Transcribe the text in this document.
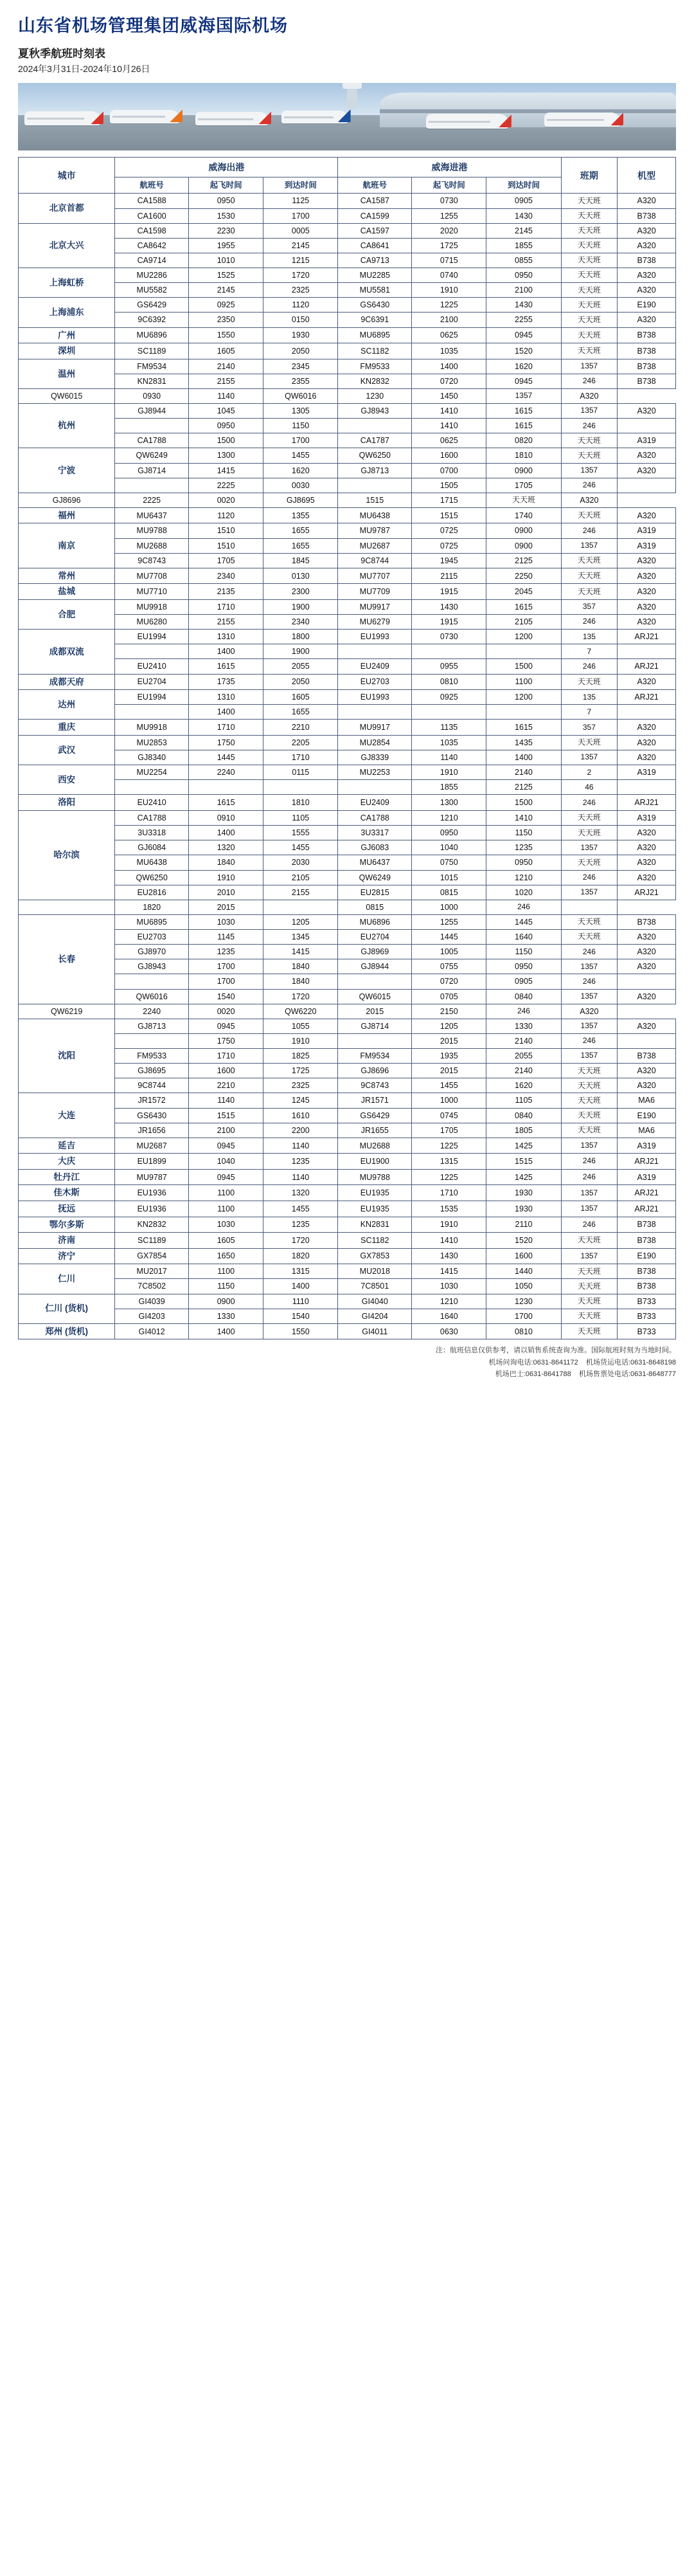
山东省机场管理集团威海国际机场
夏秋季航班时刻表
2024年3月31日-2024年10月26日
城市	威海出港			威海进港			班期	机型
	航班号	起飞时间	到达时间	航班号	起飞时间	到达时间		
北京首都	CA1588	0950	1125	CA1587	0730	0905	天天班	A320
	CA1600	1530	1700	CA1599	1255	1430	天天班	B738
北京大兴	CA1598	2230	0005	CA1597	2020	2145	天天班	A320
	CA8642	1955	2145	CA8641	1725	1855	天天班	A320
	CA9714	1010	1215	CA9713	0715	0855	天天班	B738
上海虹桥	MU2286	1525	1720	MU2285	0740	0950	天天班	A320
	MU5582	2145	2325	MU5581	1910	2100	天天班	A320
上海浦东	GS6429	0925	1120	GS6430	1225	1430	天天班	E190
	9C6392	2350	0150	9C6391	2100	2255	天天班	A320
广州	MU6896	1550	1930	MU6895	0625	0945	天天班	B738
深圳	SC1189	1605	2050	SC1182	1035	1520	天天班	B738
温州	FM9534	2140	2345	FM9533	1400	1620	1357	B738
	KN2831	2155	2355	KN2832	0720	0945	246	B738
QW6015	0930	1140	QW6016	1230	1450	1357	A320	
杭州	GJ8944	1045	1305	GJ8943	1410	1615	1357	A320
		0950	1150		1410	1615	246	
	CA1788	1500	1700	CA1787	0625	0820	天天班	A319
宁波	QW6249	1300	1455	QW6250	1600	1810	天天班	A320
	GJ8714	1415	1620	GJ8713	0700	0900	1357	A320
		2225	0030		1505	1705	246	
GJ8696	2225	0020	GJ8695	1515	1715	天天班	A320	
福州	MU6437	1120	1355	MU6438	1515	1740	天天班	A320
南京	MU9788	1510	1655	MU9787	0725	0900	246	A319
	MU2688	1510	1655	MU2687	0725	0900	1357	A319
	9C8743	1705	1845	9C8744	1945	2125	天天班	A320
常州	MU7708	2340	0130	MU7707	2115	2250	天天班	A320
盐城	MU7710	2135	2300	MU7709	1915	2045	天天班	A320
合肥	MU9918	1710	1900	MU9917	1430	1615	357	A320
	MU6280	2155	2340	MU6279	1915	2105	246	A320
成都双流	EU1994	1310	1800	EU1993	0730	1200	135	ARJ21
		1400	1900				7	
	EU2410	1615	2055	EU2409	0955	1500	246	ARJ21
成都天府	EU2704	1735	2050	EU2703	0810	1100	天天班	A320
达州	EU1994	1310	1605	EU1993	0925	1200	135	ARJ21
		1400	1655				7	
重庆	MU9918	1710	2210	MU9917	1135	1615	357	A320
武汉	MU2853	1750	2205	MU2854	1035	1435	天天班	A320
	GJ8340	1445	1710	GJ8339	1140	1400	1357	A320
西安	MU2254	2240	0115	MU2253	1910	2140	2	A319
					1855	2125	46	
洛阳	EU2410	1615	1810	EU2409	1300	1500	246	ARJ21
哈尔滨	CA1788	0910	1105	CA1788	1210	1410	天天班	A319
	3U3318	1400	1555	3U3317	0950	1150	天天班	A320
	GJ6084	1320	1455	GJ6083	1040	1235	1357	A320
	MU6438	1840	2030	MU6437	0750	0950	天天班	A320
	QW6250	1910	2105	QW6249	1015	1210	246	A320
	EU2816	2010	2155	EU2815	0815	1020	1357	ARJ21
	1820	2015		0815	1000	246		
长春	MU6895	1030	1205	MU6896	1255	1445	天天班	B738
	EU2703	1145	1345	EU2704	1445	1640	天天班	A320
	GJ8970	1235	1415	GJ8969	1005	1150	246	A320
	GJ8943	1700	1840	GJ8944	0755	0950	1357	A320
		1700	1840		0720	0905	246	
	QW6016	1540	1720	QW6015	0705	0840	1357	A320
QW6219	2240	0020	QW6220	2015	2150	246	A320	
沈阳	GJ8713	0945	1055	GJ8714	1205	1330	1357	A320
		1750	1910		2015	2140	246	
	FM9533	1710	1825	FM9534	1935	2055	1357	B738
	GJ8695	1600	1725	GJ8696	2015	2140	天天班	A320
	9C8744	2210	2325	9C8743	1455	1620	天天班	A320
大连	JR1572	1140	1245	JR1571	1000	1105	天天班	MA6
	GS6430	1515	1610	GS6429	0745	0840	天天班	E190
	JR1656	2100	2200	JR1655	1705	1805	天天班	MA6
延吉	MU2687	0945	1140	MU2688	1225	1425	1357	A319
大庆	EU1899	1040	1235	EU1900	1315	1515	246	ARJ21
牡丹江	MU9787	0945	1140	MU9788	1225	1425	246	A319
佳木斯	EU1936	1100	1320	EU1935	1710	1930	1357	ARJ21
抚远	EU1936	1100	1455	EU1935	1535	1930	1357	ARJ21
鄂尔多斯	KN2832	1030	1235	KN2831	1910	2110	246	B738
济南	SC1189	1605	1720	SC1182	1410	1520	天天班	B738
济宁	GX7854	1650	1820	GX7853	1430	1600	1357	E190
仁川	MU2017	1100	1315	MU2018	1415	1440	天天班	B738
	7C8502	1150	1400	7C8501	1030	1050	天天班	B738
仁川 (货机)	GI4039	0900	1110	GI4040	1210	1230	天天班	B733
	GI4203	1330	1540	GI4204	1640	1700	天天班	B733
郑州 (货机)	GI4012	1400	1550	GI4011	0630	0810	天天班	B733
注：航班信息仅供参考，请以销售系统查询为准。国际航班时刻为当地时间。
机场问询电话:0631-8641172 机场货运电话:0631-8648198
机场巴士:0631-8641788 机场售票处电话:0631-8648777
